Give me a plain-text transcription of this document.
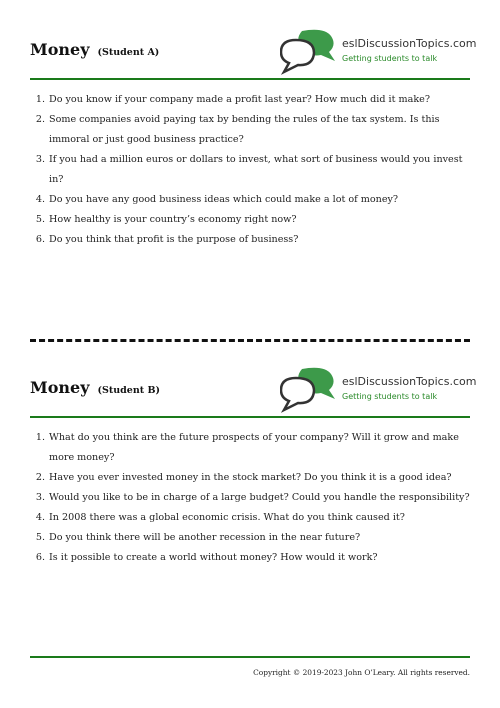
Money (Student A)
eslDiscussionTopics.com
Getting students to talk
1. Do you know if your company made a profit last year? How much did it make?
2. Some companies avoid paying tax by bending the rules of the tax system. Is this immoral or just good business practice?
3. If you had a million euros or dollars to invest, what sort of business would you invest in?
4. Do you have any good business ideas which could make a lot of money?
5. How healthy is your country’s economy right now?
6. Do you think that profit is the purpose of business?
Money (Student B)
eslDiscussionTopics.com
Getting students to talk
1. What do you think are the future prospects of your company? Will it grow and make more money?
2. Have you ever invested money in the stock market? Do you think it is a good idea?
3. Would you like to be in charge of a large budget? Could you handle the responsibility?
4. In 2008 there was a global economic crisis. What do you think caused it?
5. Do you think there will be another recession in the near future?
6. Is it possible to create a world without money? How would it work?
Copyright © 2019-2023 John O’Leary. All rights reserved.
